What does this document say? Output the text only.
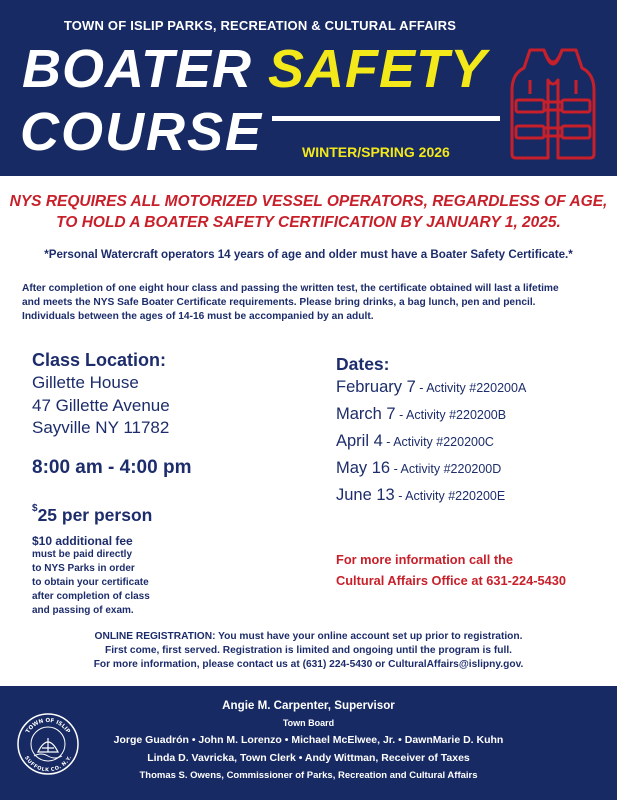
TOWN OF ISLIP PARKS, RECREATION & CULTURAL AFFAIRS
BOATER SAFETY
COURSE	WINTER/SPRING 2026
NYS REQUIRES ALL MOTORIZED VESSEL OPERATORS, REGARDLESS OF AGE,
TO HOLD A BOATER SAFETY CERTIFICATION BY JANUARY 1, 2025.
*Personal Watercraft operators 14 years of age and older must have a Boater Safety Certificate.*
After completion of one eight hour class and passing the written test, the certificate obtained will last a lifetime
and meets the NYS Safe Boater Certificate requirements. Please bring drinks, a bag lunch, pen and pencil.
Individuals between the ages of 14-16 must be accompanied by an adult.
Class Location:
Gillette House
47 Gillette Avenue
Sayville NY 11782
8:00 am - 4:00 pm
$25 per person
$10 additional fee
must be paid directly
to NYS Parks in order
to obtain your certificate
after completion of class
and passing of exam.
Dates:
February 7 - Activity #220200A
March 7 - Activity #220200B
April 4 - Activity #220200C
May 16 - Activity #220200D
June 13 - Activity #220200E
For more information call the
Cultural Affairs Office at 631-224-5430
ONLINE REGISTRATION: You must have your online account set up prior to registration.
First come, first served. Registration is limited and ongoing until the program is full.
For more information, please contact us at (631) 224-5430 or CulturalAffairs@islipny.gov.
TOWN OF ISLIP
SUFFOLK CO. N.Y.
Angie M. Carpenter, Supervisor
Town Board
Jorge Guadrón • John M. Lorenzo • Michael McElwee, Jr. • DawnMarie D. Kuhn
Linda D. Vavricka, Town Clerk • Andy Wittman, Receiver of Taxes
Thomas S. Owens, Commissioner of Parks, Recreation and Cultural Affairs
